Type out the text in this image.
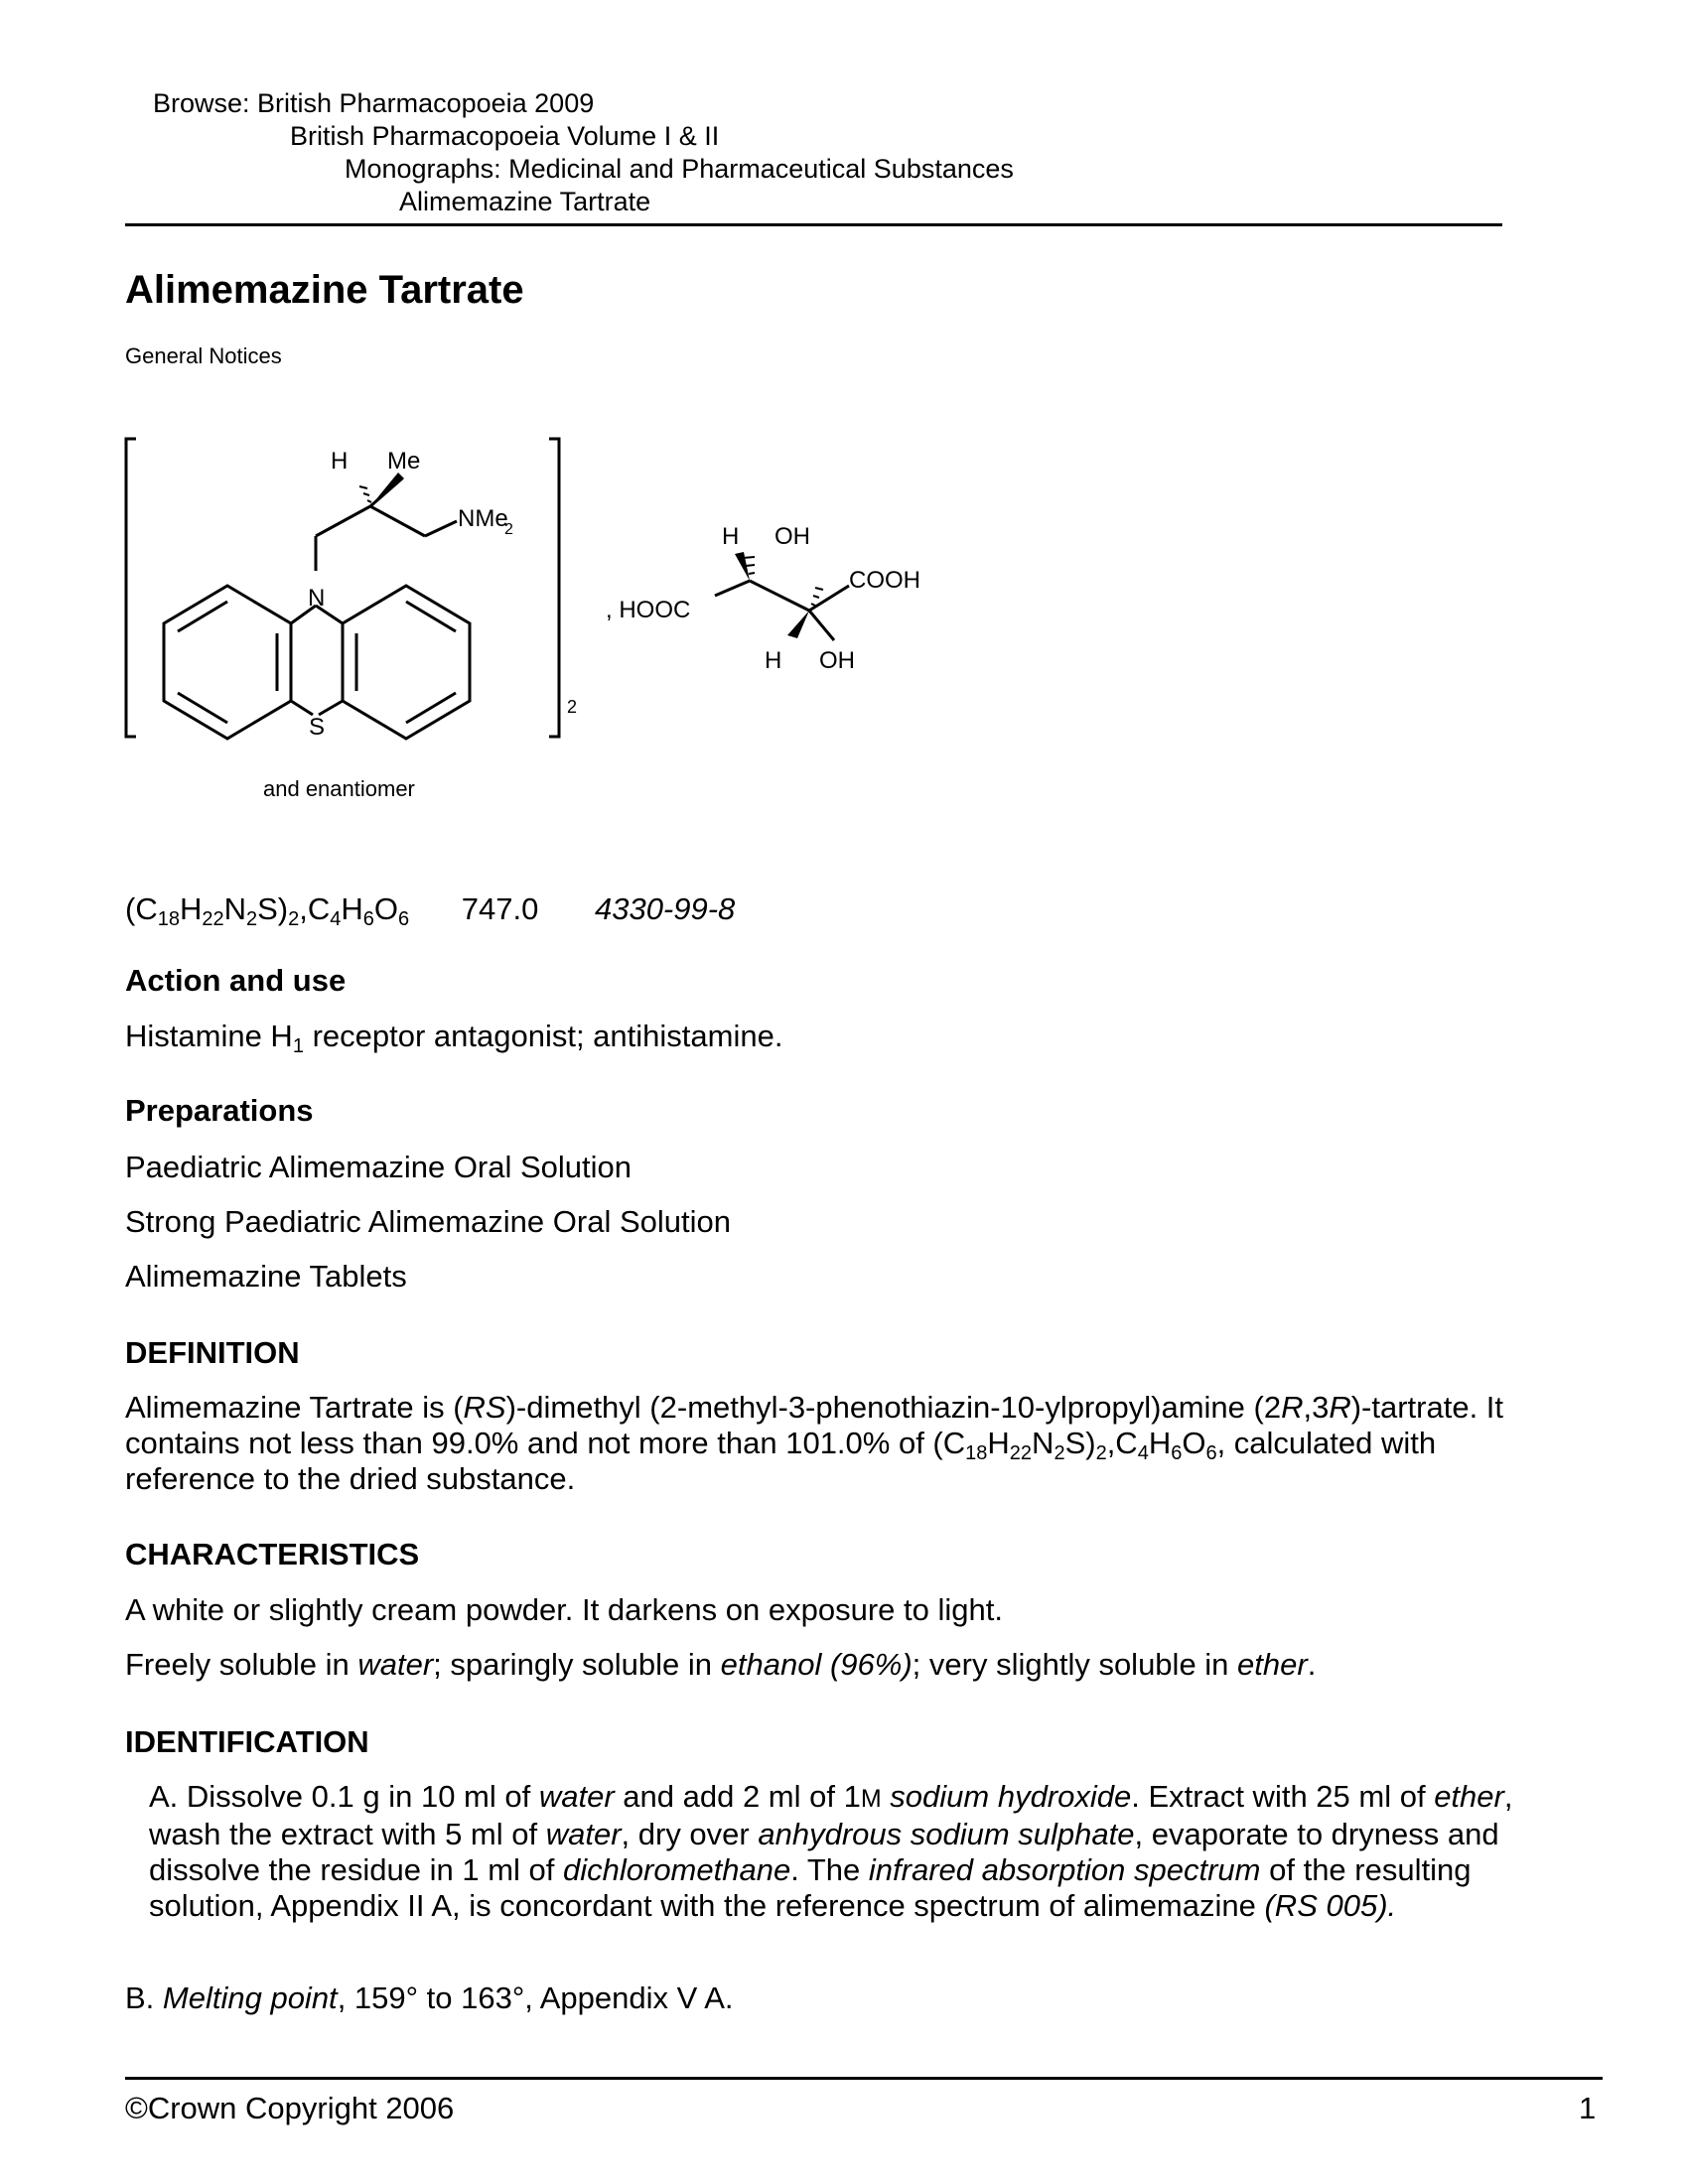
Browse: British Pharmacopoeia 2009
British Pharmacopoeia Volume I & II
Monographs: Medicinal and Pharmaceutical Substances
Alimemazine Tartrate
Alimemazine Tartrate
General Notices
H Me
NMe
2
N
S
2
and enantiomer
H OH
, HOOC
COOH
H OH
$(C_{18}H_{22}N_2S)_2,C_4H_6O_6$ 747.0 4330-99-8
Action and use
Histamine $H_1$ receptor antagonist; antihistamine.
Preparations
Paediatric Alimemazine Oral Solution
Strong Paediatric Alimemazine Oral Solution
Alimemazine Tablets
DEFINITION
Alimemazine Tartrate is (RS)-dimethyl (2-methyl-3-phenothiazin-10-ylpropyl)amine (2R,3R)-tartrate. It contains not less than 99.0% and not more than 101.0% of $(C_{18}H_{22}N_2S)_2,C_4H_6O_6$, calculated with reference to the dried substance.
CHARACTERISTICS
A white or slightly cream powder. It darkens on exposure to light.
Freely soluble in water; sparingly soluble in ethanol (96%); very slightly soluble in ether.
IDENTIFICATION
A. Dissolve 0.1 g in 10 ml of water and add 2 ml of 1M sodium hydroxide. Extract with 25 ml of ether, wash the extract with 5 ml of water, dry over anhydrous sodium sulphate, evaporate to dryness and dissolve the residue in 1 ml of dichloromethane. The infrared absorption spectrum of the resulting solution, Appendix II A, is concordant with the reference spectrum of alimemazine (RS 005).
B. Melting point, 159° to 163°, Appendix V A.
©Crown Copyright 2006	1
